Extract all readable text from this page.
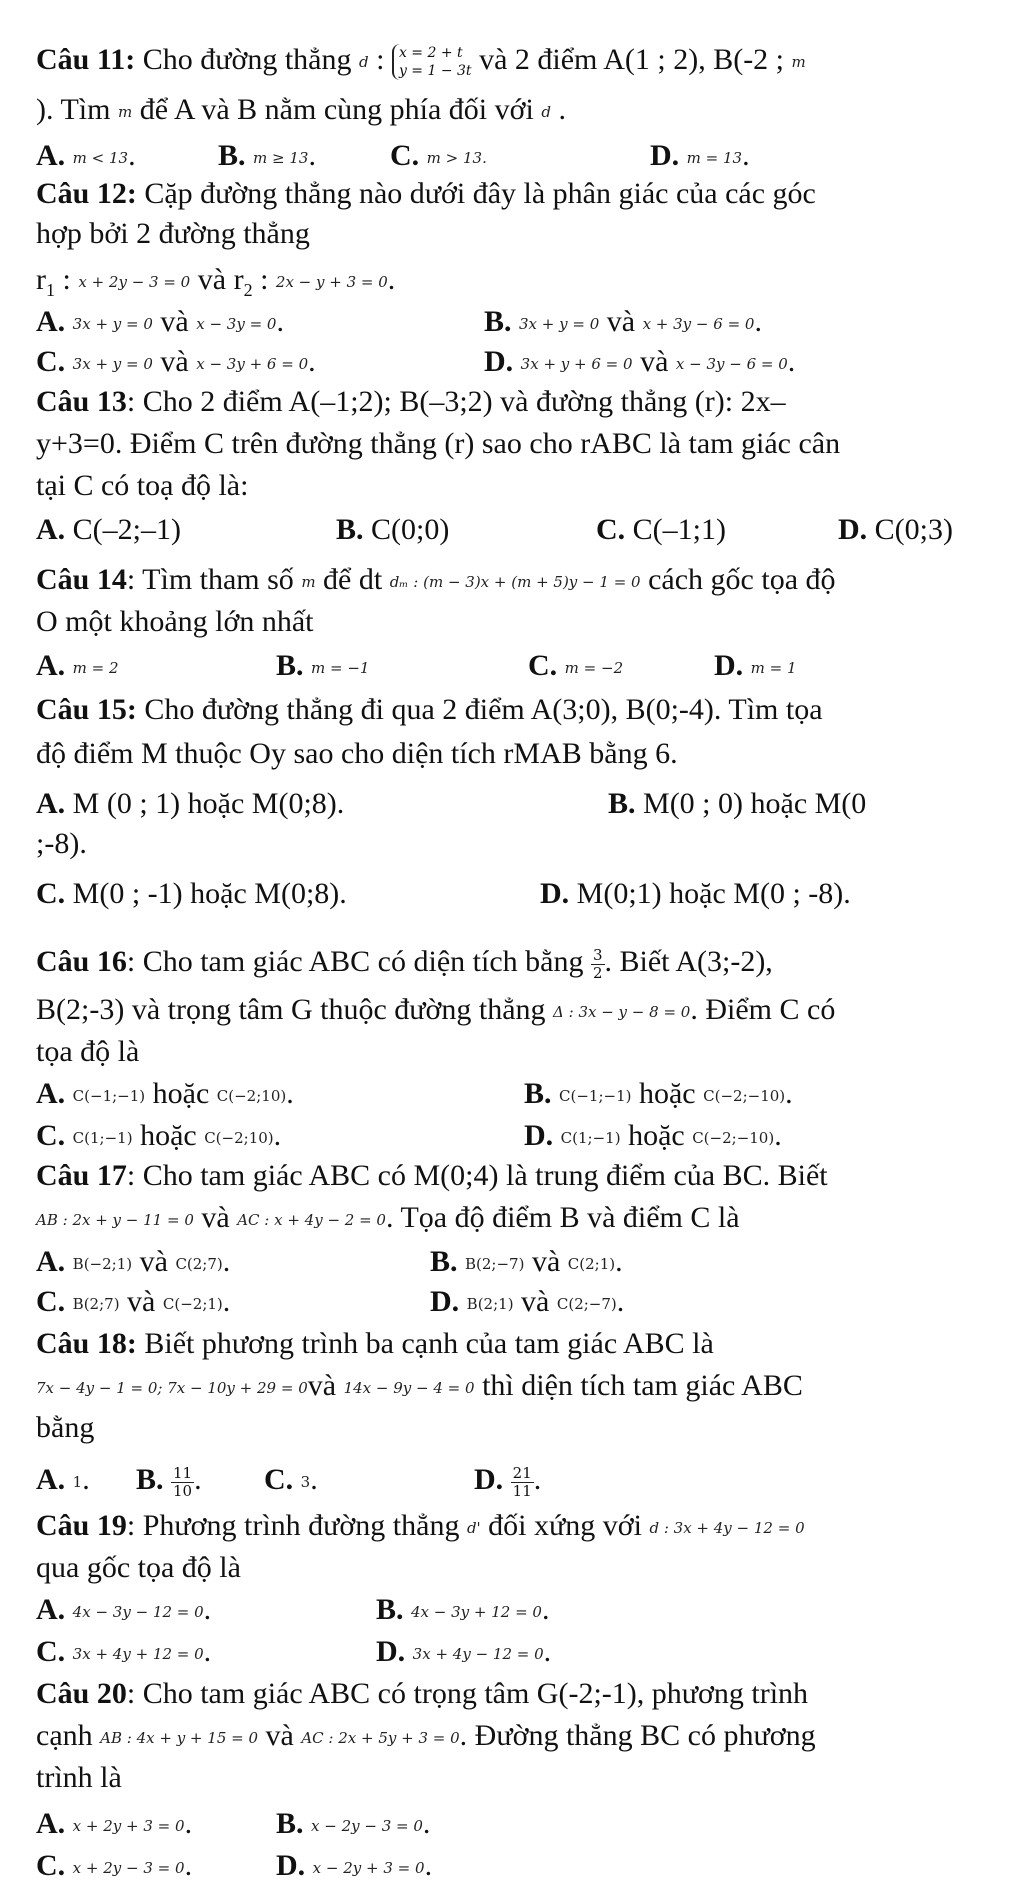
Câu 11: Cho đường thẳng d : x = 2 + t
y = 1 − 3t và 2 điểm A(1 ; 2), B(-2 ; m
). Tìm m để A và B nằm cùng phía đối với d .
A. m < 13.	B. m ≥ 13. C. m > 13.	D. m = 13.
Câu 12: Cặp đường thẳng nào dưới đây là phân giác của các góc
hợp bởi 2 đường thẳng
$r_1$ : x + 2y − 3 = 0 và $r_2$ : 2x − y + 3 = 0.
A. 3x + y = 0 và x − 3y = 0.	B. 3x + y = 0 và x + 3y − 6 = 0.
C. 3x + y = 0 và x − 3y + 6 = 0.	D. 3x + y + 6 = 0 và x − 3y − 6 = 0.
Câu 13: Cho 2 điểm A(–1;2); B(–3;2) và đường thẳng (r): 2x–
y+3=0. Điểm C trên đường thẳng (r) sao cho rABC là tam giác cân
tại C có toạ độ là:
A. C(–2;–1)	B. C(0;0)	C. C(–1;1)	D. C(0;3)
Câu 14: Tìm tham số m để dt dₘ : (m − 3)x + (m + 5)y − 1 = 0 cách gốc tọa độ
O một khoảng lớn nhất
A. m = 2	B. m = −1	C. m = −2	D. m = 1
Câu 15: Cho đường thẳng đi qua 2 điểm A(3;0), B(0;-4). Tìm tọa
độ điểm M thuộc Oy sao cho diện tích rMAB bằng 6.
A. M (0 ; 1) hoặc M(0;8).	B. M(0 ; 0) hoặc M(0
;-8).
C. M(0 ; -1) hoặc M(0;8).	D. M(0;1) hoặc M(0 ; -8).
Câu 16: Cho tam giác ABC có diện tích bằng $\frac{3}{2}$ . Biết A(3;-2),
B(2;-3) và trọng tâm G thuộc đường thẳng Δ : 3x − y − 8 = 0. Điểm C có
tọa độ là
A. C(−1;−1) hoặc C(−2;10).	B. C(−1;−1) hoặc C(−2;−10).
C. C(1;−1) hoặc C(−2;10).	D. C(1;−1) hoặc C(−2;−10).
Câu 17: Cho tam giác ABC có M(0;4) là trung điểm của BC. Biết
AB : 2x + y − 11 = 0 và AC : x + 4y − 2 = 0. Tọa độ điểm B và điểm C là
A. B(−2;1) và C(2;7).	B. B(2;−7) và C(2;1).
C. B(2;7) và C(−2;1).	D. B(2;1) và C(2;−7).
Câu 18: Biết phương trình ba cạnh của tam giác ABC là
7x − 4y − 1 = 0; 7x − 10y + 29 = 0và 14x − 9y − 4 = 0 thì diện tích tam giác ABC
bằng
A. 1. B. $\frac{11}{10}$ . C. 3.	D. $\frac{21}{11}$ .
Câu 19: Phương trình đường thẳng d' đối xứng với d : 3x + 4y − 12 = 0
qua gốc tọa độ là
A. 4x − 3y − 12 = 0.	B. 4x − 3y + 12 = 0.
C. 3x + 4y + 12 = 0.	D. 3x + 4y − 12 = 0.
Câu 20: Cho tam giác ABC có trọng tâm G(-2;-1), phương trình
cạnh AB : 4x + y + 15 = 0 và AC : 2x + 5y + 3 = 0. Đường thẳng BC có phương
trình là
A. x + 2y + 3 = 0.	B. x − 2y − 3 = 0.
C. x + 2y − 3 = 0.	D. x − 2y + 3 = 0.
